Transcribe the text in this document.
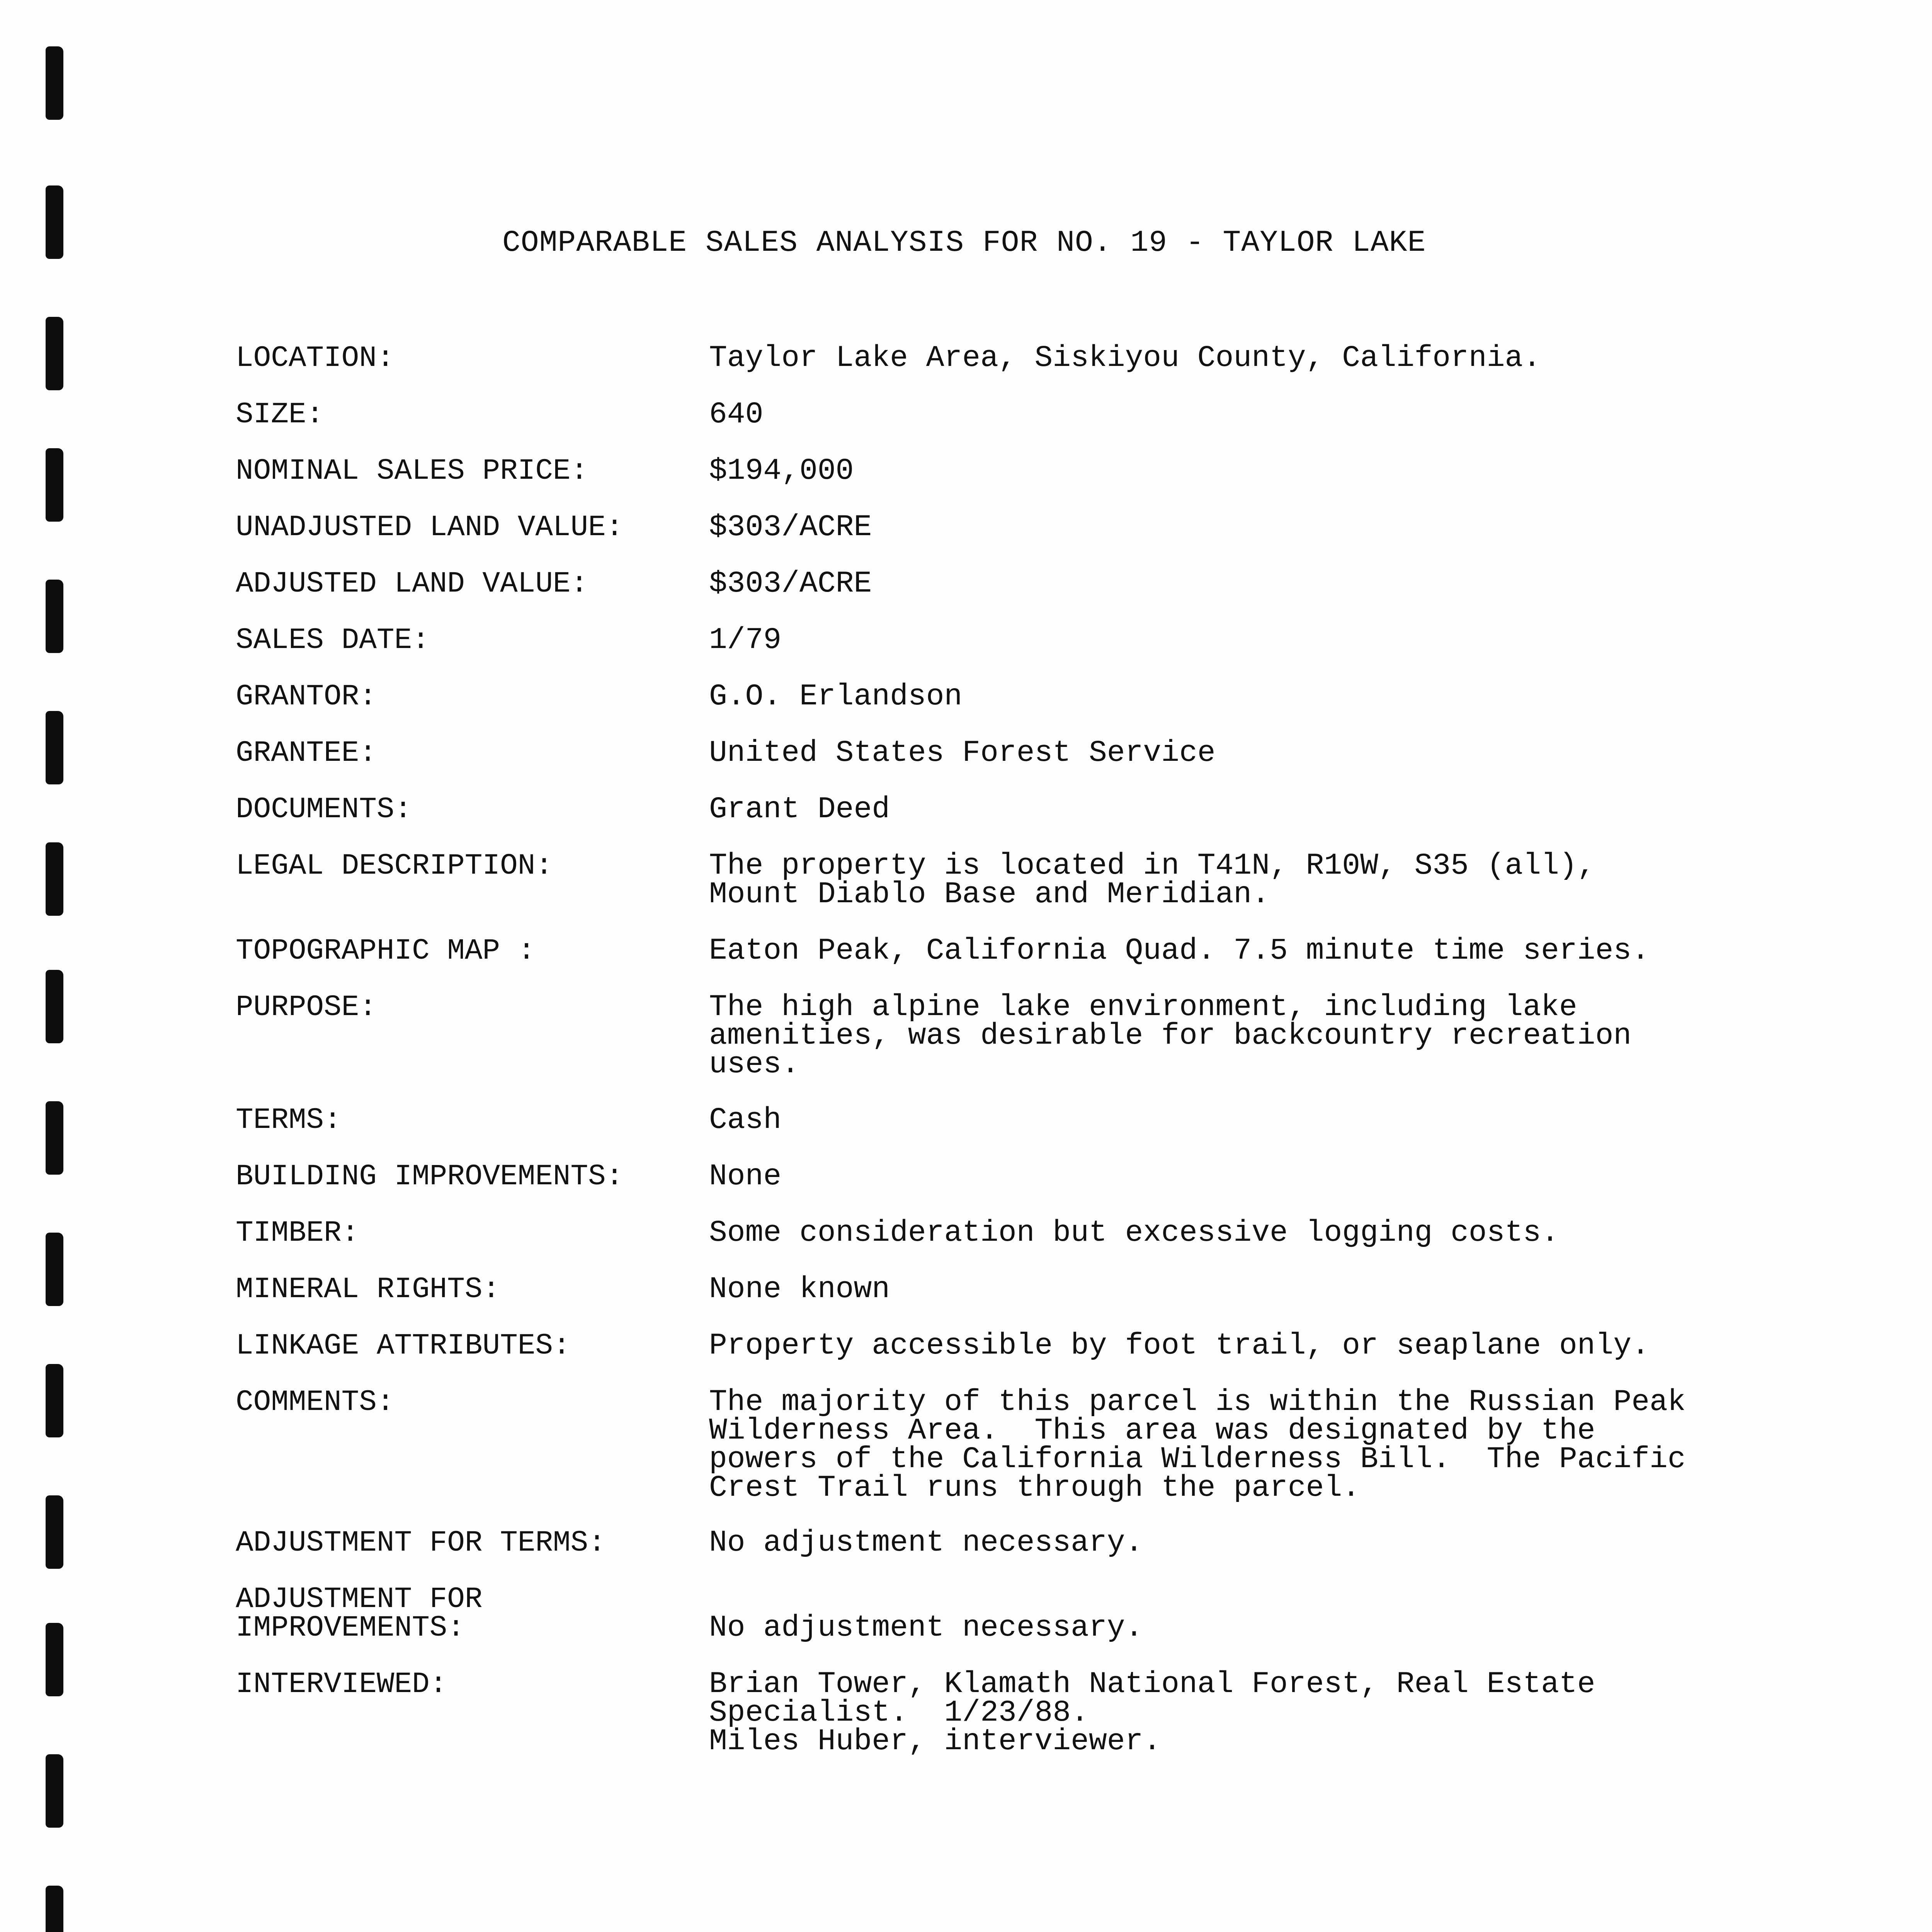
COMPARABLE SALES ANALYSIS FOR NO. 19 - TAYLOR LAKE
LOCATION:	Taylor Lake Area, Siskiyou County, California.
SIZE:	640
NOMINAL SALES PRICE:	$194,000
UNADJUSTED LAND VALUE:	$303/ACRE
ADJUSTED LAND VALUE:	$303/ACRE
SALES DATE:	1/79
GRANTOR:	G.O. Erlandson
GRANTEE:	United States Forest Service
DOCUMENTS:	Grant Deed
LEGAL DESCRIPTION:	The property is located in T41N, R10W, S35 (all),
Mount Diablo Base and Meridian.
TOPOGRAPHIC MAP :	Eaton Peak, California Quad. 7.5 minute time series.
PURPOSE:	The high alpine lake environment, including lake
amenities, was desirable for backcountry recreation
uses.
TERMS:	Cash
BUILDING IMPROVEMENTS:	None
TIMBER:	Some consideration but excessive logging costs.
MINERAL RIGHTS:	None known
LINKAGE ATTRIBUTES:	Property accessible by foot trail, or seaplane only.
COMMENTS:	The majority of this parcel is within the Russian Peak
Wilderness Area.  This area was designated by the
powers of the California Wilderness Bill.  The Pacific
Crest Trail runs through the parcel.
ADJUSTMENT FOR TERMS:	No adjustment necessary.
ADJUSTMENT FOR
IMPROVEMENTS:	
No adjustment necessary.
INTERVIEWED:	Brian Tower, Klamath National Forest, Real Estate
Specialist.  1/23/88.
Miles Huber, interviewer.
